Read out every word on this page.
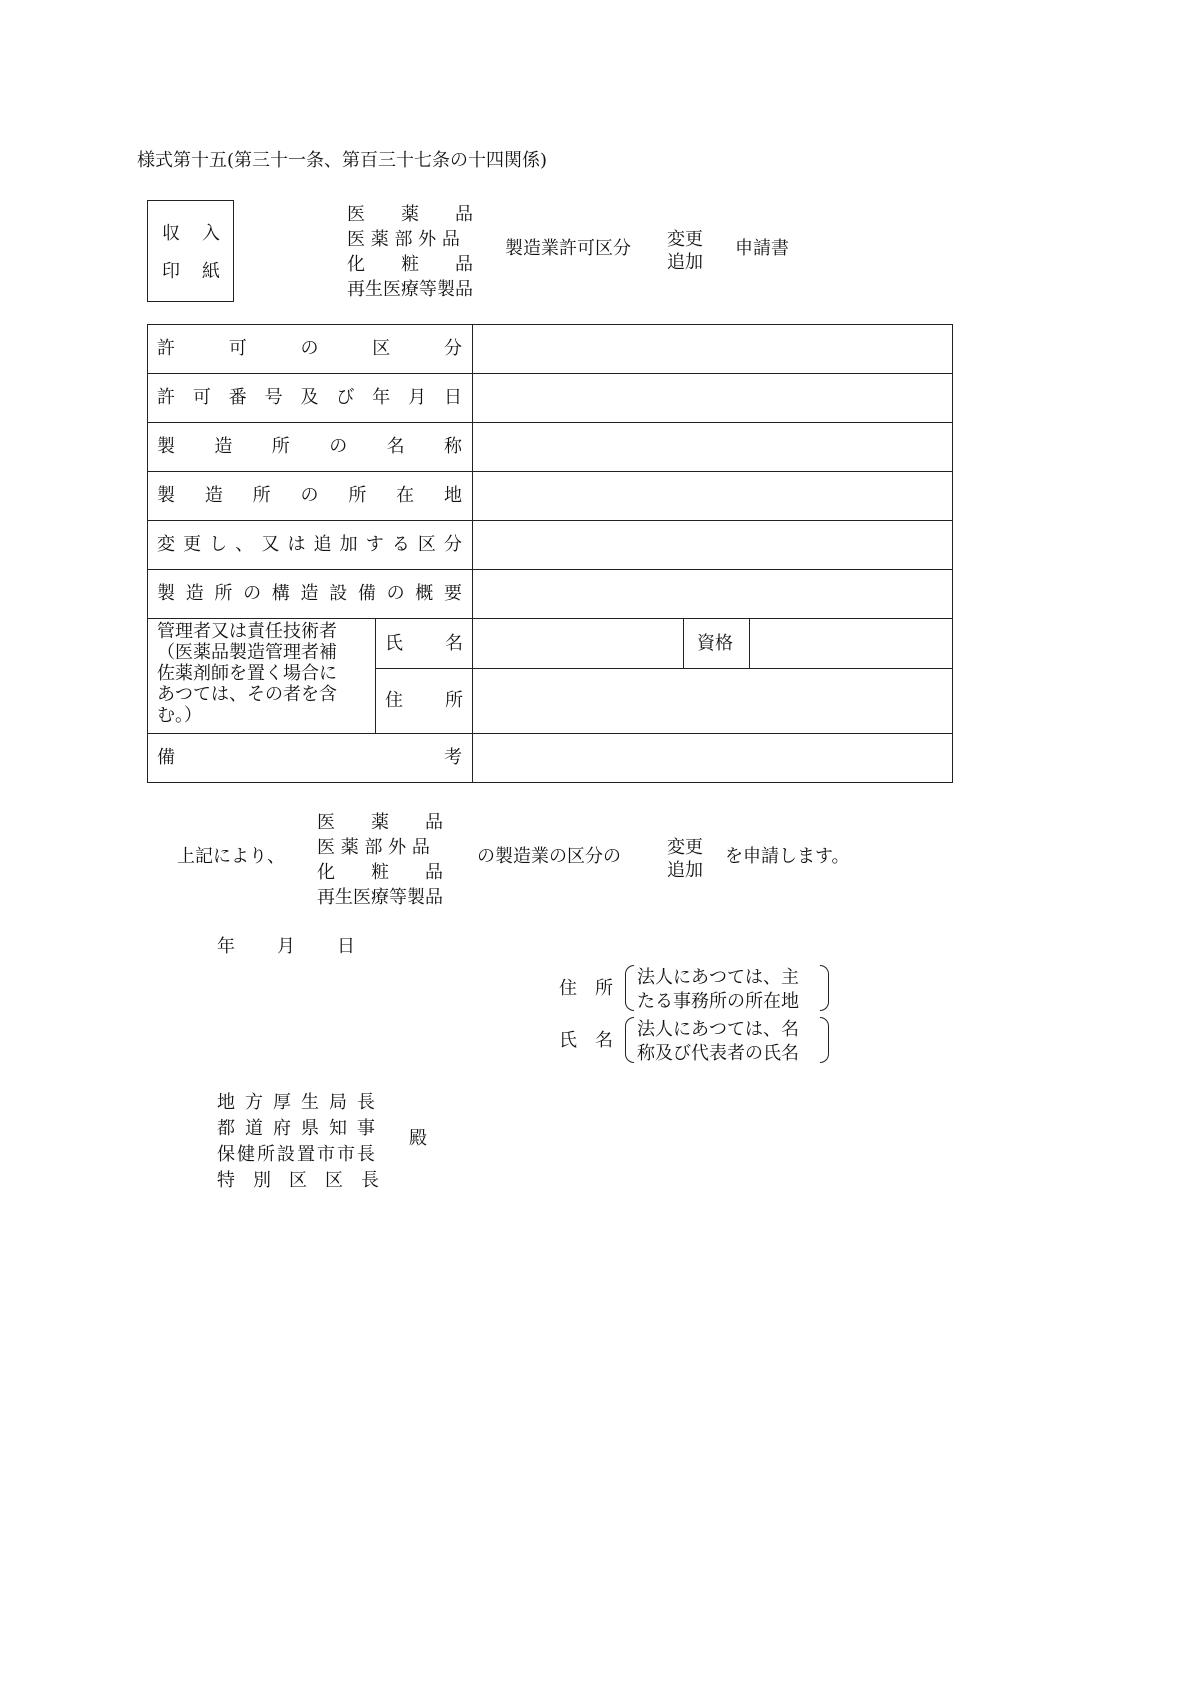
様式第十五(第三十一条、第百三十七条の十四関係)
収 入
印 紙
医　　薬　　品
医 薬 部 外 品
化　　粧　　品
再生医療等製品
製造業許可区分 変更
追加
申請書
許　　可　　の　　区　　分
許 可 番 号 及 び 年 月 日
製　　造　　所　　の　　名　　称
製 造 所 の 所 在 地
変 更 し 、 又 は 追 加 す る 区 分
製 造 所 の 構 造 設 備 の 概 要
管理者又は責任技術者
（医薬品製造管理者補
佐薬剤師を置く場合に
あつては、その者を含
む。）
氏 名	資格
住 所
備	考
上記により、
医　　薬　　品
医 薬 部 外 品
化　　粧　　品
再生医療等製品
の製造業の区分の	変更
追加
を申請します。
年 月 日
住　所
法人にあつては、主
たる事務所の所在地
氏　名
法人にあつては、名
称及び代表者の氏名
地 方 厚 生 局 長
都 道 府 県 知 事
保健所設置市市長
特　別　区　区　長
殿
